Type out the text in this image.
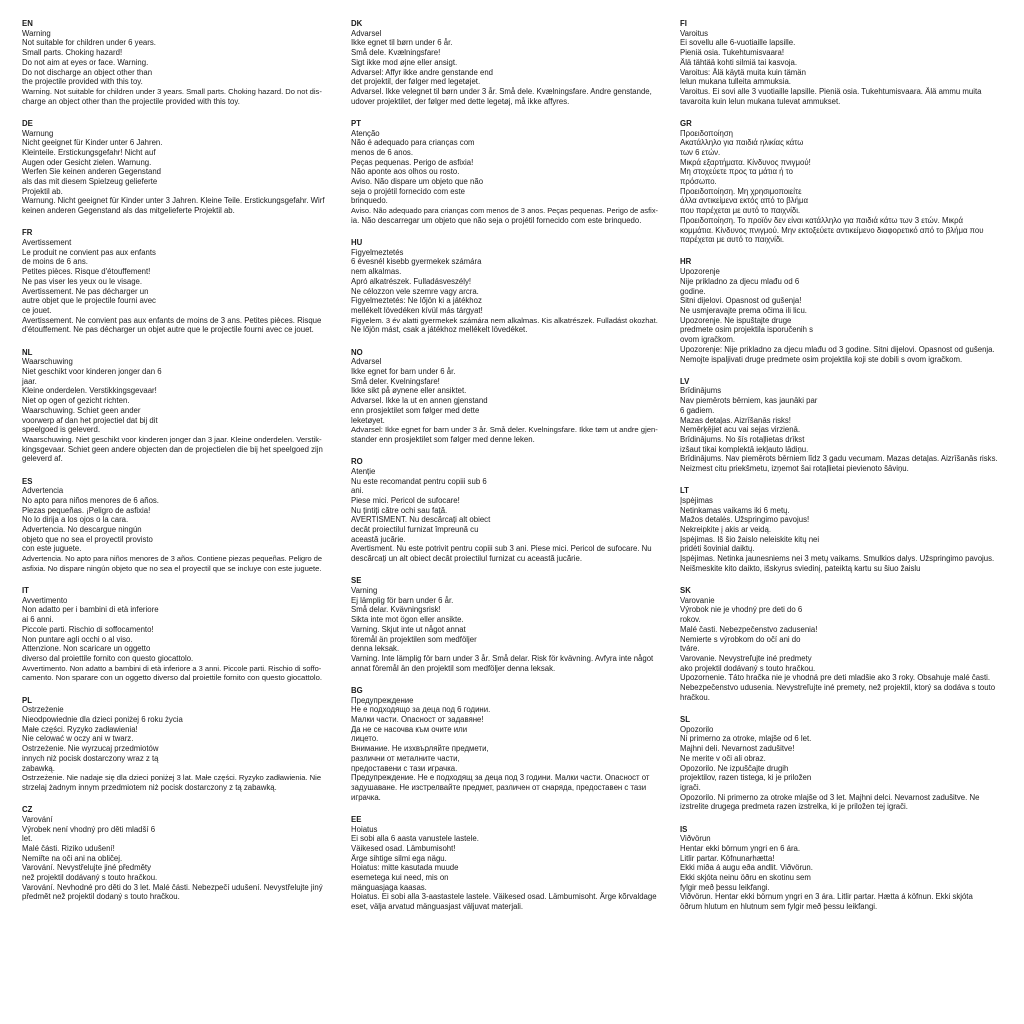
EN
Warning
Not suitable for children under 6 years.
Small parts. Choking hazard!
Do not aim at eyes or face. Warning.
Do not discharge an object other than
the projectile provided with this toy.
Warning. Not suitable for children under 3 years. Small parts. Choking hazard. Do not dis-
charge an object other than the projectile provided with this toy.
DE
Warnung
Nicht geeignet für Kinder unter 6 Jahren.
Kleinteile. Erstickungsgefahr! Nicht auf
Augen oder Gesicht zielen. Warnung.
Werfen Sie keinen anderen Gegenstand
als das mit diesem Spielzeug gelieferte
Projektil ab.
Warnung. Nicht geeignet für Kinder unter 3 Jahren. Kleine Teile. Erstickungsgefahr. Wirf
keinen anderen Gegenstand als das mitgelieferte Projektil ab.
FR
Avertissement
Le produit ne convient pas aux enfants
de moins de 6 ans.
Petites pièces. Risque d'étouffement!
Ne pas viser les yeux ou le visage.
Avertissement. Ne pas décharger un
autre objet que le projectile fourni avec
ce jouet.
Avertissement. Ne convient pas aux enfants de moins de 3 ans. Petites pièces. Risque
d'étouffement. Ne pas décharger un objet autre que le projectile fourni avec ce jouet.
NL
Waarschuwing
Niet geschikt voor kinderen jonger dan 6
jaar.
Kleine onderdelen. Verstikkingsgevaar!
Niet op ogen of gezicht richten.
Waarschuwing. Schiet geen ander
voorwerp af dan het projectiel dat bij dit
speelgoed is geleverd.
Waarschuwing. Niet geschikt voor kinderen jonger dan 3 jaar. Kleine onderdelen. Verstik-
kingsgevaar. Schiet geen andere objecten dan de projectielen die bij het speelgoed zijn
geleverd af.
ES
Advertencia
No apto para niños menores de 6 años.
Piezas pequeñas. ¡Peligro de asfixia!
No lo dirija a los ojos o la cara.
Advertencia. No descargue ningún
objeto que no sea el proyectil provisto
con este juguete.
Advertencia. No apto para niños menores de 3 años. Contiene piezas pequeñas. Peligro de
asfixia. No dispare ningún objeto que no sea el proyectil que se incluye con este juguete.
IT
Avvertimento
Non adatto per i bambini di età inferiore
ai 6 anni.
Piccole parti. Rischio di soffocamento!
Non puntare agli occhi o al viso.
Attenzione. Non scaricare un oggetto
diverso dal proiettile fornito con questo giocattolo.
Avvertimento. Non adatto a bambini di età inferiore a 3 anni. Piccole parti. Rischio di soffo-
camento. Non sparare con un oggetto diverso dal proiettile fornito con questo giocattolo.
PL
Ostrzeżenie
Nieodpowiednie dla dzieci poniżej 6 roku życia
Małe części. Ryzyko zadławienia!
Nie celować w oczy ani w twarz.
Ostrzeżenie. Nie wyrzucaj przedmiotów
innych niż pocisk dostarczony wraz z tą
zabawką.
Ostrzeżenie. Nie nadaje się dla dzieci poniżej 3 lat. Małe części. Ryzyko zadławienia. Nie
strzelaj żadnym innym przedmiotem niż pocisk dostarczony z tą zabawką.
CZ
Varování
Výrobek není vhodný pro děti mladší 6
let.
Malé části. Riziko udušení!
Nemiřte na oči ani na obličej.
Varování. Nevystřelujte jiné předměty
než projektil dodávaný s touto hračkou.
Varování. Nevhodné pro děti do 3 let. Malé části. Nebezpečí udušení. Nevystřelujte jiný
předmět než projektil dodaný s touto hračkou.
DK
Advarsel
Ikke egnet til børn under 6 år.
Små dele. Kvælningsfare!
Sigt ikke mod øjne eller ansigt.
Advarsel: Affyr ikke andre genstande end
det projektil, der følger med legetøjet.
Advarsel. Ikke velegnet til børn under 3 år. Små dele. Kvælningsfare. Andre genstande,
udover projektilet, der følger med dette legetøj, må ikke affyres.
PT
Atenção
Não é adequado para crianças com
menos de 6 anos.
Peças pequenas. Perigo de asfixia!
Não aponte aos olhos ou rosto.
Aviso. Não dispare um objeto que não
seja o projétil fornecido com este
brinquedo.
Aviso. Não adequado para crianças com menos de 3 anos. Peças pequenas. Perigo de asfix-
ia. Não descarregar um objeto que não seja o projétil fornecido com este brinquedo.
HU
Figyelmeztetés
6 évesnél kisebb gyermekek számára
nem alkalmas.
Apró alkatrészek. Fulladásveszély!
Ne célozzon vele szemre vagy arcra.
Figyelmeztetés: Ne lőjön ki a játékhoz
mellékelt lövedéken kívül más tárgyat!
Figyelem. 3 év alatti gyermekek számára nem alkalmas. Kis alkatrészek. Fulladást okozhat.
Ne lőjön mást, csak a játékhoz mellékelt lövedéket.
NO
Advarsel
Ikke egnet for barn under 6 år.
Små deler. Kvelningsfare!
Ikke sikt på øynene eller ansiktet.
Advarsel. Ikke la ut en annen gjenstand
enn prosjektilet som følger med dette
leketøyet.
Advarsel: Ikke egnet for barn under 3 år. Små deler. Kvelningsfare. Ikke tøm ut andre gjen-
stander enn prosjektilet som følger med denne leken.
RO
Atenție
Nu este recomandat pentru copiii sub 6
ani.
Piese mici. Pericol de sufocare!
Nu țintiți către ochi sau față.
AVERTISMENT. Nu descărcați alt obiect
decât proiectilul furnizat împreună cu
această jucărie.
Avertisment. Nu este potrivit pentru copiii sub 3 ani. Piese mici. Pericol de sufocare. Nu
descărcați un alt obiect decât proiectilul furnizat cu această jucărie.
SE
Varning
Ej lämplig för barn under 6 år.
Små delar. Kvävningsrisk!
Sikta inte mot ögon eller ansikte.
Varning. Skjut inte ut något annat
föremål än projektilen som medföljer
denna leksak.
Varning. Inte lämplig för barn under 3 år. Små delar. Risk för kvävning. Avfyra inte något
annat föremål än den projektil som medföljer denna leksak.
BG
Предупреждение
Не е подходящо за деца под 6 години.
Малки части. Опасност от задавяне!
Да не се насочва към очите или
лицето.
Внимание. Не изхвърляйте предмети,
различни от металните части,
предоставени с тази играчка.
Предупреждение. Не е подходящ за деца под 3 години. Малки части. Опасност от
задушаване. Не изстрелвайте предмет, различен от снаряда, предоставен с тази
играчка.
EE
Hoiatus
Ei sobi alla 6 aasta vanustele lastele.
Väikesed osad. Lämbumisoht!
Ärge sihtige silmi ega nägu.
Hoiatus: mitte kasutada muude
esemetega kui need, mis on
mänguasjaga kaasas.
Hoiatus. Ei sobi alla 3-aastastele lastele. Väikesed osad. Lämbumisoht. Ärge kõrvaldage
eset, välja arvatud mänguasjast väljuvat materjali.
FI
Varoitus
Ei sovellu alle 6-vuotiaille lapsille.
Pieniä osia. Tukehtumisvaara!
Älä tähtää kohti silmiä tai kasvoja.
Varoitus: Älä käytä muita kuin tämän
lelun mukana tulleita ammuksia.
Varoitus. Ei sovi alle 3 vuotiaille lapsille. Pieniä osia. Tukehtumisvaara. Älä ammu muita
tavaroita kuin lelun mukana tulevat ammukset.
GR
Προειδοποίηση
Ακατάλληλο για παιδιά ηλικίας κάτω
των 6 ετών.
Μικρά εξαρτήματα. Κίνδυνος πνιγμού!
Μη στοχεύετε προς τα μάτια ή το
πρόσωπο.
Προειδοποίηση. Μη χρησιμοποιείτε
άλλα αντικείμενα εκτός από το βλήμα
που παρέχεται με αυτό το παιχνίδι.
Προειδοποίηση. Το προϊόν δεν είναι κατάλληλο για παιδιά κάτω των 3 ετών. Μικρά
κομμάτια. Κίνδυνος πνιγμού. Μην εκτοξεύετε αντικείμενο διαφορετικό από το βλήμα που
παρέχεται με αυτό το παιχνίδι.
HR
Upozorenje
Nije prikladno za djecu mlađu od 6
godine.
Sitni dijelovi. Opasnost od gušenja!
Ne usmjeravajte prema očima ili licu.
Upozorenje. Ne ispuštajte druge
predmete osim projektila isporučenih s
ovom igračkom.
Upozorenje: Nije prikladno za djecu mlađu od 3 godine. Sitni dijelovi. Opasnost od gušenja.
Nemojte ispaljivati druge predmete osim projektila koji ste dobili s ovom igračkom.
LV
Brīdinājums
Nav piemērots bērniem, kas jaunāki par
6 gadiem.
Mazas detaļas. Aizrīšanās risks!
Nemērķējiet acu vai sejas virzienā.
Brīdinājums. No šīs rotaļlietas drīkst
izšaut tikai komplektā iekļauto lādiņu.
Brīdinājums. Nav piemērots bērniem līdz 3 gadu vecumam. Mazas detaļas. Aizrīšanās risks.
Neizmest citu priekšmetu, izņemot šai rotaļlietai pievienoto šāviņu.
LT
Įspėjimas
Netinkamas vaikams iki 6 metų.
Mažos detalės. Užspringimo pavojus!
Nekreipkite į akis ar veidą.
Įspėjimas. Iš šio žaislo neleiskite kitų nei
pridėti šovinial daiktų.
Įspėjimas. Netinka jaunesniems nei 3 metų vaikams. Smulkios dalys. Užspringimo pavojus.
Neišmeskite kito daikto, išskyrus sviedinį, pateiktą kartu su šiuo žaislu
SK
Varovanie
Výrobok nie je vhodný pre deti do 6
rokov.
Malé časti. Nebezpečenstvo zadusenia!
Nemierte s výrobkom do očí ani do
tváre.
Varovanie. Nevystreľujte iné predmety
ako projektil dodávaný s touto hračkou.
Upozornenie. Táto hračka nie je vhodná pre deti mladšie ako 3 roky. Obsahuje malé časti.
Nebezpečenstvo udusenia. Nevystreľujte iné premety, než projektil, ktorý sa dodáva s touto
hračkou.
SL
Opozorilo
Ni primerno za otroke, mlajše od 6 let.
Majhni deli. Nevarnost zadušitve!
Ne merite v oči ali obraz.
Opozorilo. Ne izpuščajte drugih
projektilov, razen tistega, ki je priložen
igrači.
Opozorilo. Ni primerno za otroke mlajše od 3 let. Majhni delci. Nevarnost zadušitve. Ne
izstrelite drugega predmeta razen izstrelka, ki je priložen tej igrači.
IS
Viðvörun
Hentar ekki börnum yngri en 6 ára.
Litlir partar. Köfnunarhætta!
Ekki miða á augu eða andlit. Viðvörun.
Ekki skjóta neinu öðru en skotinu sem
fylgir með þessu leikfangi.
Viðvörun. Hentar ekki börnum yngri en 3 ára. Litlir partar. Hætta á köfnun. Ekki skjóta
öðrum hlutum en hlutnum sem fylgir með þessu leikfangi.
